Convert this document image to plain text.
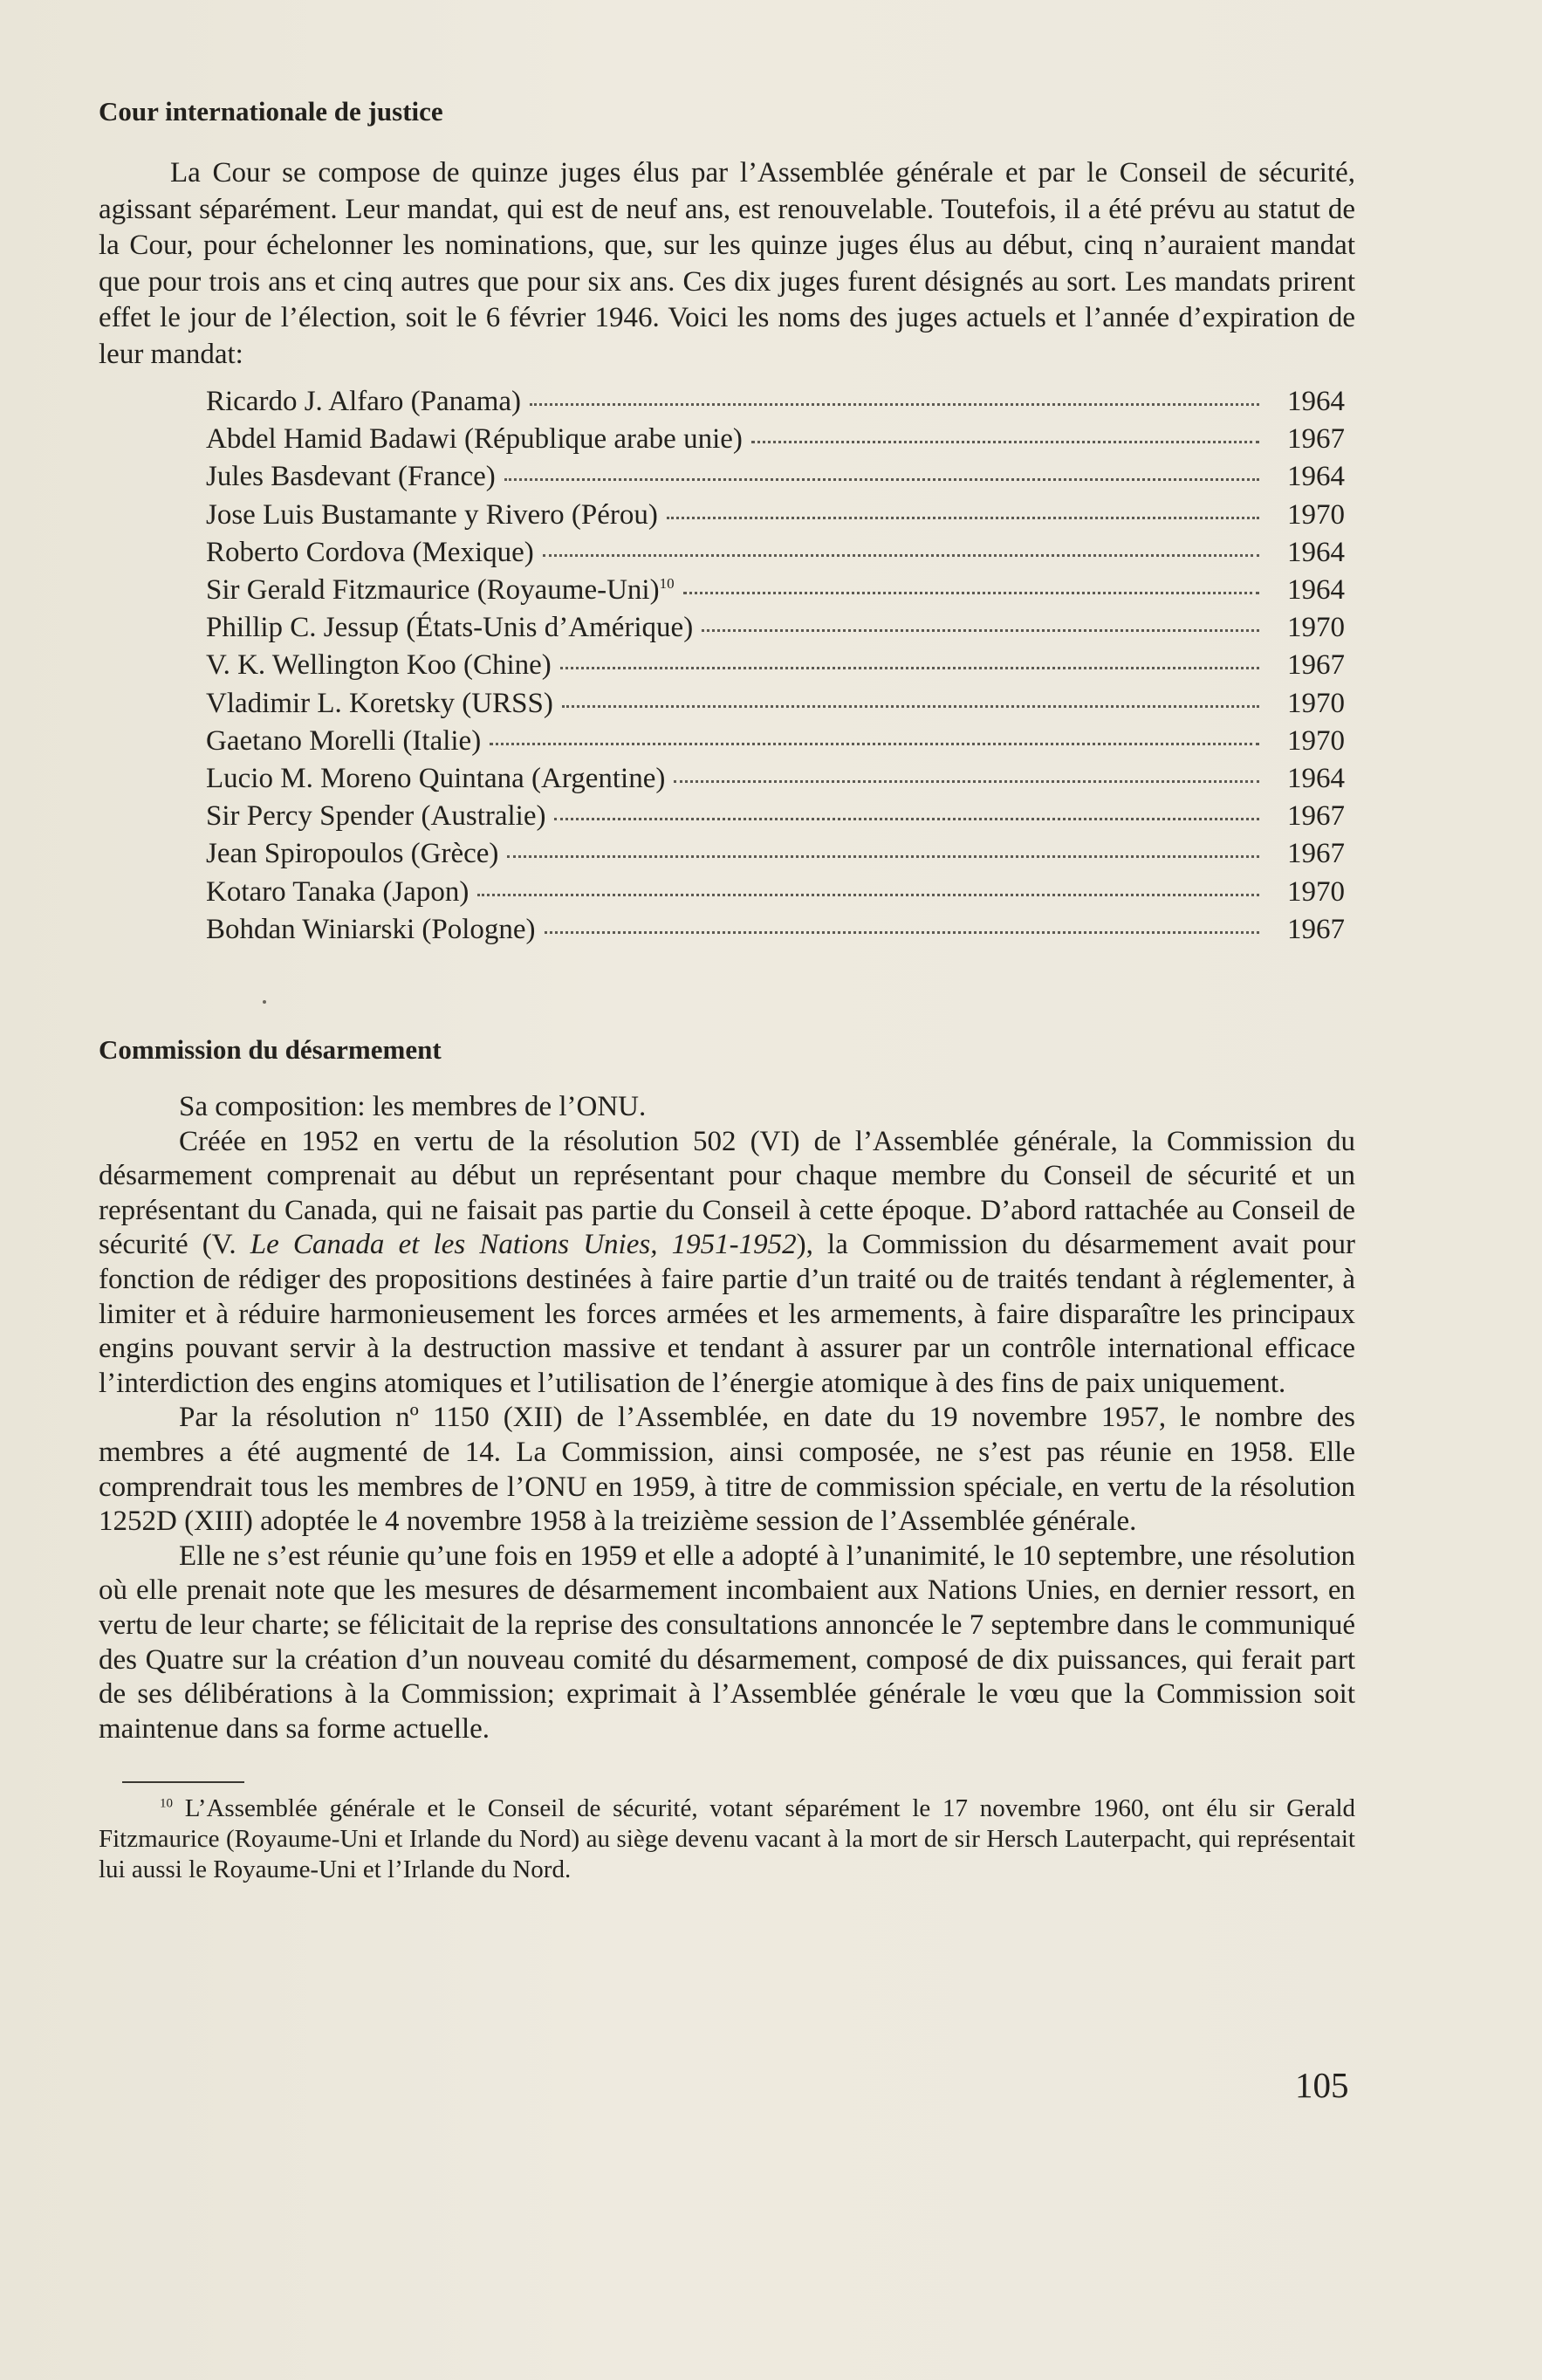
Cour internationale de justice

La Cour se compose de quinze juges élus par l’Assemblée générale et par le Conseil de sécurité, agissant séparément. Leur mandat, qui est de neuf ans, est renouvelable. Toutefois, il a été prévu au statut de la Cour, pour échelonner les nominations, que, sur les quinze juges élus au début, cinq n’auraient mandat que pour trois ans et cinq autres que pour six ans. Ces dix juges furent désignés au sort. Les mandats prirent effet le jour de l’élection, soit le 6 février 1946. Voici les noms des juges actuels et l’année d’expiration de leur mandat:

Ricardo J. Alfaro (Panama)	1964
Abdel Hamid Badawi (République arabe unie)	1967
Jules Basdevant (France)	1964
Jose Luis Bustamante y Rivero (Pérou)	1970
Roberto Cordova (Mexique)	1964
Sir Gerald Fitzmaurice (Royaume-Uni)$^{10}$	1964
Phillip C. Jessup (États-Unis d’Amérique)	1970
V. K. Wellington Koo (Chine)	1967
Vladimir L. Koretsky (URSS)	1970
Gaetano Morelli (Italie)	1970
Lucio M. Moreno Quintana (Argentine)	1964
Sir Percy Spender (Australie)	1967
Jean Spiropoulos (Grèce)	1967
Kotaro Tanaka (Japon)	1970
Bohdan Winiarski (Pologne)	1967
Commission du désarmement

Sa composition: les membres de l’ONU.

Créée en 1952 en vertu de la résolution 502 (VI) de l’Assemblée générale, la Commission du désarmement comprenait au début un représentant pour chaque membre du Conseil de sécurité et un représentant du Canada, qui ne faisait pas partie du Conseil à cette époque. D’abord rattachée au Conseil de sécurité (V. Le Canada et les Nations Unies, 1951-1952), la Commission du désarmement avait pour fonction de rédiger des propositions destinées à faire partie d’un traité ou de traités tendant à réglementer, à limiter et à réduire harmonieusement les forces armées et les armements, à faire disparaître les principaux engins pouvant servir à la destruction massive et tendant à assurer par un contrôle international efficace l’interdiction des engins atomiques et l’utilisation de l’énergie atomique à des fins de paix uniquement.

Par la résolution nº 1150 (XII) de l’Assemblée, en date du 19 novembre 1957, le nombre des membres a été augmenté de 14. La Commission, ainsi composée, ne s’est pas réunie en 1958. Elle comprendrait tous les membres de l’ONU en 1959, à titre de commission spéciale, en vertu de la résolution 1252D (XIII) adoptée le 4 novembre 1958 à la treizième session de l’Assemblée générale.

Elle ne s’est réunie qu’une fois en 1959 et elle a adopté à l’unanimité, le 10 septembre, une résolution où elle prenait note que les mesures de désarmement incombaient aux Nations Unies, en dernier ressort, en vertu de leur charte; se félicitait de la reprise des consultations annoncée le 7 septembre dans le communiqué des Quatre sur la création d’un nouveau comité du désarmement, composé de dix puissances, qui ferait part de ses délibérations à la Commission; exprimait à l’Assemblée générale le vœu que la Commission soit maintenue dans sa forme actuelle.

$^{10}$ L’Assemblée générale et le Conseil de sécurité, votant séparément le 17 novembre 1960, ont élu sir Gerald Fitzmaurice (Royaume-Uni et Irlande du Nord) au siège devenu vacant à la mort de sir Hersch Lauterpacht, qui représentait lui aussi le Royaume-Uni et l’Irlande du Nord.

105
